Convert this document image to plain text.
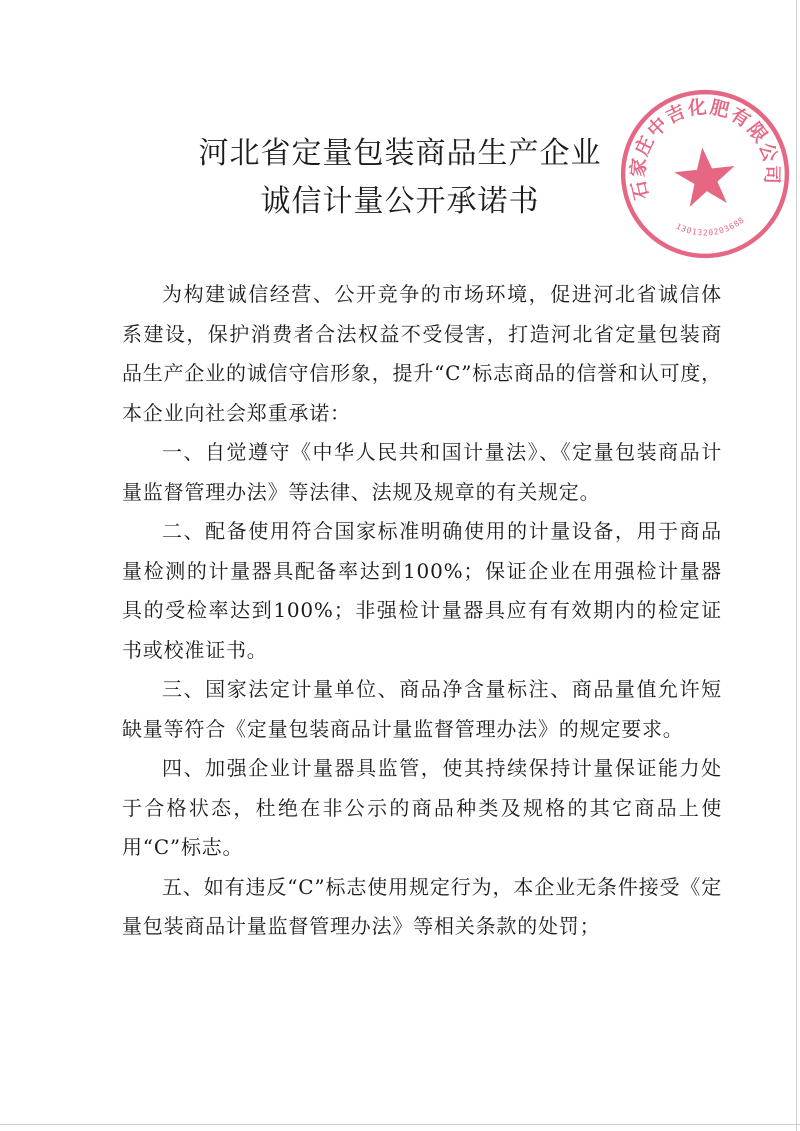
河北省定量包装商品生产企业
诚信计量公开承诺书

为构建诚信经营、公开竞争的市场环境，促进河北省诚信体系建设，保护消费者合法权益不受侵害，打造河北省定量包装商品生产企业的诚信守信形象，提升“C”标志商品的信誉和认可度，本企业向社会郑重承诺：

一、自觉遵守《中华人民共和国计量法》、《定量包装商品计量监督管理办法》等法律、法规及规章的有关规定。

二、配备使用符合国家标准明确使用的计量设备，用于商品量检测的计量器具配备率达到100%；保证企业在用强检计量器具的受检率达到100%；非强检计量器具应有有效期内的检定证书或校准证书。

三、国家法定计量单位、商品净含量标注、商品量值允许短缺量等符合《定量包装商品计量监督管理办法》的规定要求。

四、加强企业计量器具监管，使其持续保持计量保证能力处于合格状态，杜绝在非公示的商品种类及规格的其它商品上使用“C”标志。

五、如有违反“C”标志使用规定行为，本企业无条件接受《定量包装商品计量监督管理办法》等相关条款的处罚；

石家庄中吉化肥有限公司
1301320203688
